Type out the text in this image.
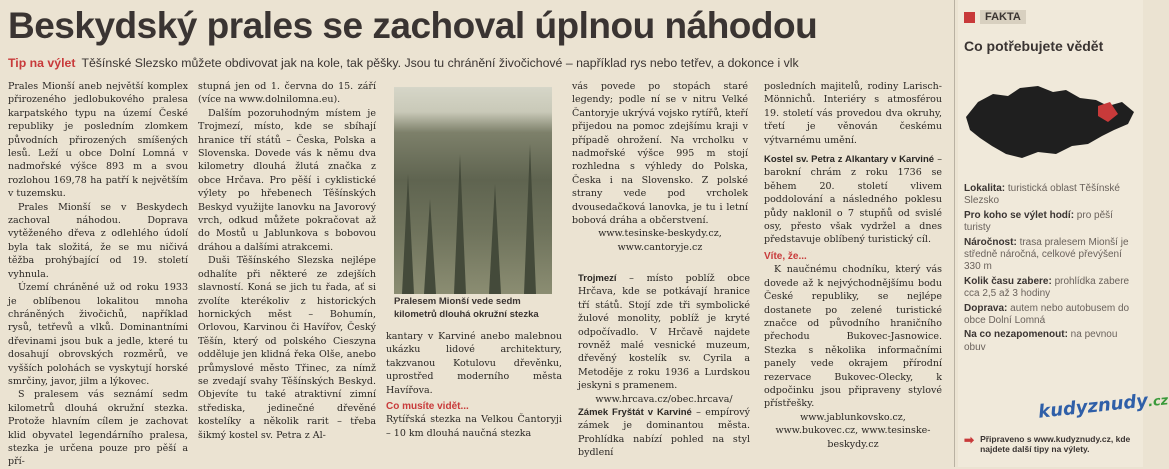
Beskydský prales se zachoval úplnou náhodou
Tip na výlet Těšínské Slezsko můžete obdivovat jak na kole, tak pěšky. Jsou tu chránění živočichové – například rys nebo tetřev, a dokonce i vlk

Prales Mionší aneb největší komplex přirozeného jedlobukového pralesa karpatského typu na území České republiky je posledním zlomkem původních přirozených smíšených lesů. Leží u obce Dolní Lomná v nadmořské výšce 893 m a svou rozlohou 169,78 ha patří k největším v tuzemsku.

Prales Mionší se v Beskydech zachoval náhodou. Doprava vytěženého dřeva z odlehlého údolí byla tak složitá, že se mu ničivá těžba prohýbající od 19. století vyhnula.

Území chráněné už od roku 1933 je oblíbenou lokalitou mnoha chráněných živočichů, například rysů, tetřevů a vlků. Dominantními dřevinami jsou buk a jedle, které tu dosahují obrovských rozměrů, ve vyšších polohách se vyskytují horské smrčiny, javor, jilm a lýkovec.

S pralesem vás seznámí sedm kilometrů dlouhá okružní stezka. Protože hlavním cílem je zachovat klid obyvatel legendárního pralesa, stezka je určena pouze pro pěší a pří-

stupná jen od 1. června do 15. září (více na www.dolnilomna.eu).

Dalším pozoruhodným místem je Trojmezí, místo, kde se sbíhají hranice tří států – Česka, Polska a Slovenska. Dovede vás k němu dva kilometry dlouhá žlutá značka z obce Hrčava. Pro pěší i cyklistické výlety po hřebenech Těšínských Beskyd využijte lanovku na Javorový vrch, odkud můžete pokračovat až do Mostů u Jablunkova s bobovou dráhou a dalšími atrakcemi.

Duši Těšínského Slezska nejlépe odhalíte při některé ze zdejších slavností. Koná se jich tu řada, ať si zvolíte kterékoliv z historických hornických měst – Bohumín, Orlovou, Karvinou či Havířov, Český Těšín, který od polského Cieszyna odděluje jen klidná řeka Olše, anebo průmyslové město Třinec, za nímž se zvedají svahy Těšínských Beskyd. Objevíte tu také atraktivní zimní střediska, jedinečné dřevěné kostelíky a několik rarit – třeba šikmý kostel sv. Petra z Al-

Pralesem Mionší vede sedm kilometrů dlouhá okružní stezka

kantary v Karviné anebo malebnou ukázku lidové architektury, takzvanou Kotulovu dřevěnku, uprostřed moderního města Havířova.

Co musíte vidět...

Rytířská stezka na Velkou Čantoryji – 10 km dlouhá naučná stezka

vás povede po stopách staré legendy; podle ní se v nitru Velké Čantoryje ukrývá vojsko rytířů, kteří přijedou na pomoc zdejšímu kraji v případě ohrožení. Na vrcholku v nadmořské výšce 995 m stojí rozhledna s výhledy do Polska, Česka i na Slovensko. Z polské strany vede pod vrcholek dvousedačková lanovka, je tu i letní bobová dráha a občerstvení.

www.tesinske-beskydy.cz,
www.cantoryje.cz

Trojmezí – místo poblíž obce Hrčava, kde se potkávají hranice tří států. Stojí zde tři symbolické žulové monolity, poblíž je kryté odpočívadlo. V Hrčavě najdete rovněž malé vesnické muzeum, dřevěný kostelík sv. Cyrila a Metoděje z roku 1936 a Lurdskou jeskyni s pramenem.

www.hrcava.cz/obec.hrcava/

Zámek Fryštát v Karviné – empírový zámek je dominantou města. Prohlídka nabízí pohled na styl bydlení

posledních majitelů, rodiny Larisch-Mönnichů. Interiéry s atmosférou 19. století vás provedou dva okruhy, třetí je věnován českému výtvarnému umění.

Kostel sv. Petra z Alkantary v Karviné – barokní chrám z roku 1736 se během 20. století vlivem poddolování a následného poklesu půdy naklonil o 7 stupňů od svislé osy, přesto však vydržel a dnes představuje oblíbený turistický cíl.

Víte, že...

K naučnému chodníku, který vás dovede až k nejvýchodnějšímu bodu České republiky, se nejlépe dostanete po zelené turistické značce od původního hraničního přechodu Bukovec-Jasnowice. Stezka s několika informačními panely vede okrajem přírodní rezervace Bukovec-Olecky, k odpočinku jsou připraveny stylové přístřešky.

www.jablunkovsko.cz, www.bukovec.cz, www.tesinske-beskydy.cz
FAKTA
Co potřebujete vědět
Lokalita: turistická oblast Těšínské Slezsko
Pro koho se výlet hodí: pro pěší turisty
Náročnost: trasa pralesem Mionší je středně náročná, celkové převýšení 330 m
Kolik času zabere: prohlídka zabere cca 2,5 až 3 hodiny
Doprava: autem nebo autobusem do obce Dolní Lomná
Na co nezapomenout: na pevnou obuv
kudyznudy.cz
➡ Připraveno s www.kudyznudy.cz, kde najdete další tipy na výlety.
